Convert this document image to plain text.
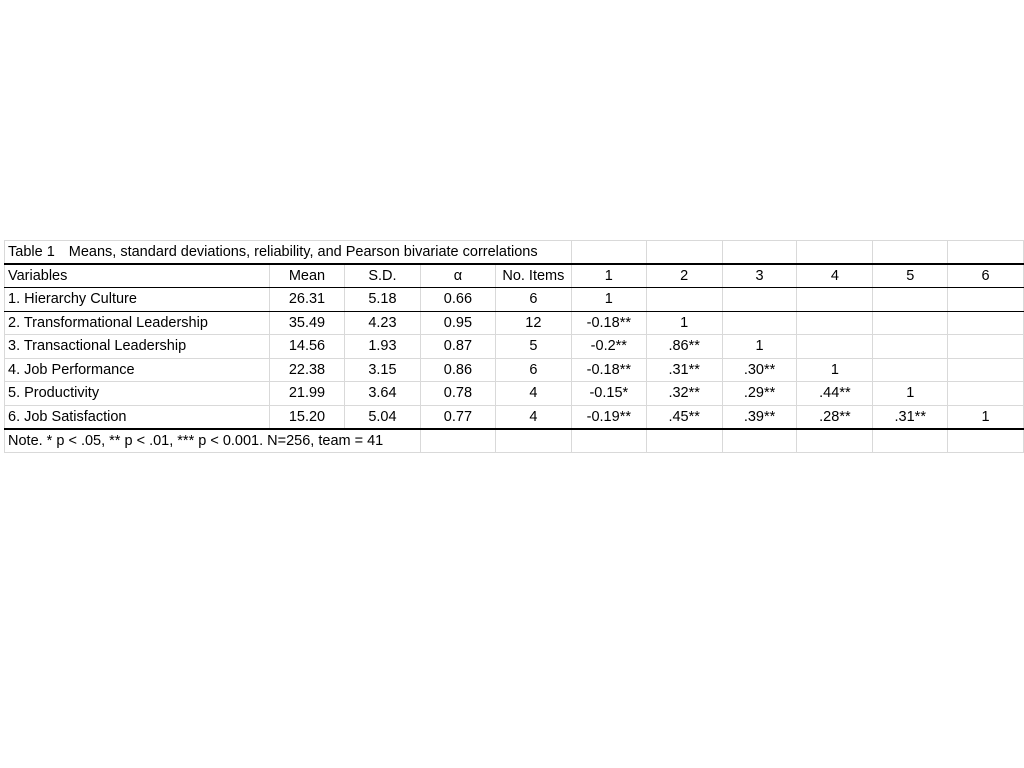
Table 1 Means, standard deviations, reliability, and Pearson bivariate correlations										
Variables	Mean	S.D.	α	No. Items	1	2	3	4	5	6
1. Hierarchy Culture	26.31	5.18	0.66	6	1					
2. Transformational Leadership	35.49	4.23	0.95	12	-0.18**	1				
3. Transactional Leadership	14.56	1.93	0.87	5	-0.2**	.86**	1			
4. Job Performance	22.38	3.15	0.86	6	-0.18**	.31**	.30**	1		
5. Productivity	21.99	3.64	0.78	4	-0.15*	.32**	.29**	.44**	1	
6. Job Satisfaction	15.20	5.04	0.77	4	-0.19**	.45**	.39**	.28**	.31**	1
Note. * p < .05, ** p < .01, *** p < 0.001. N=256, team = 41										
